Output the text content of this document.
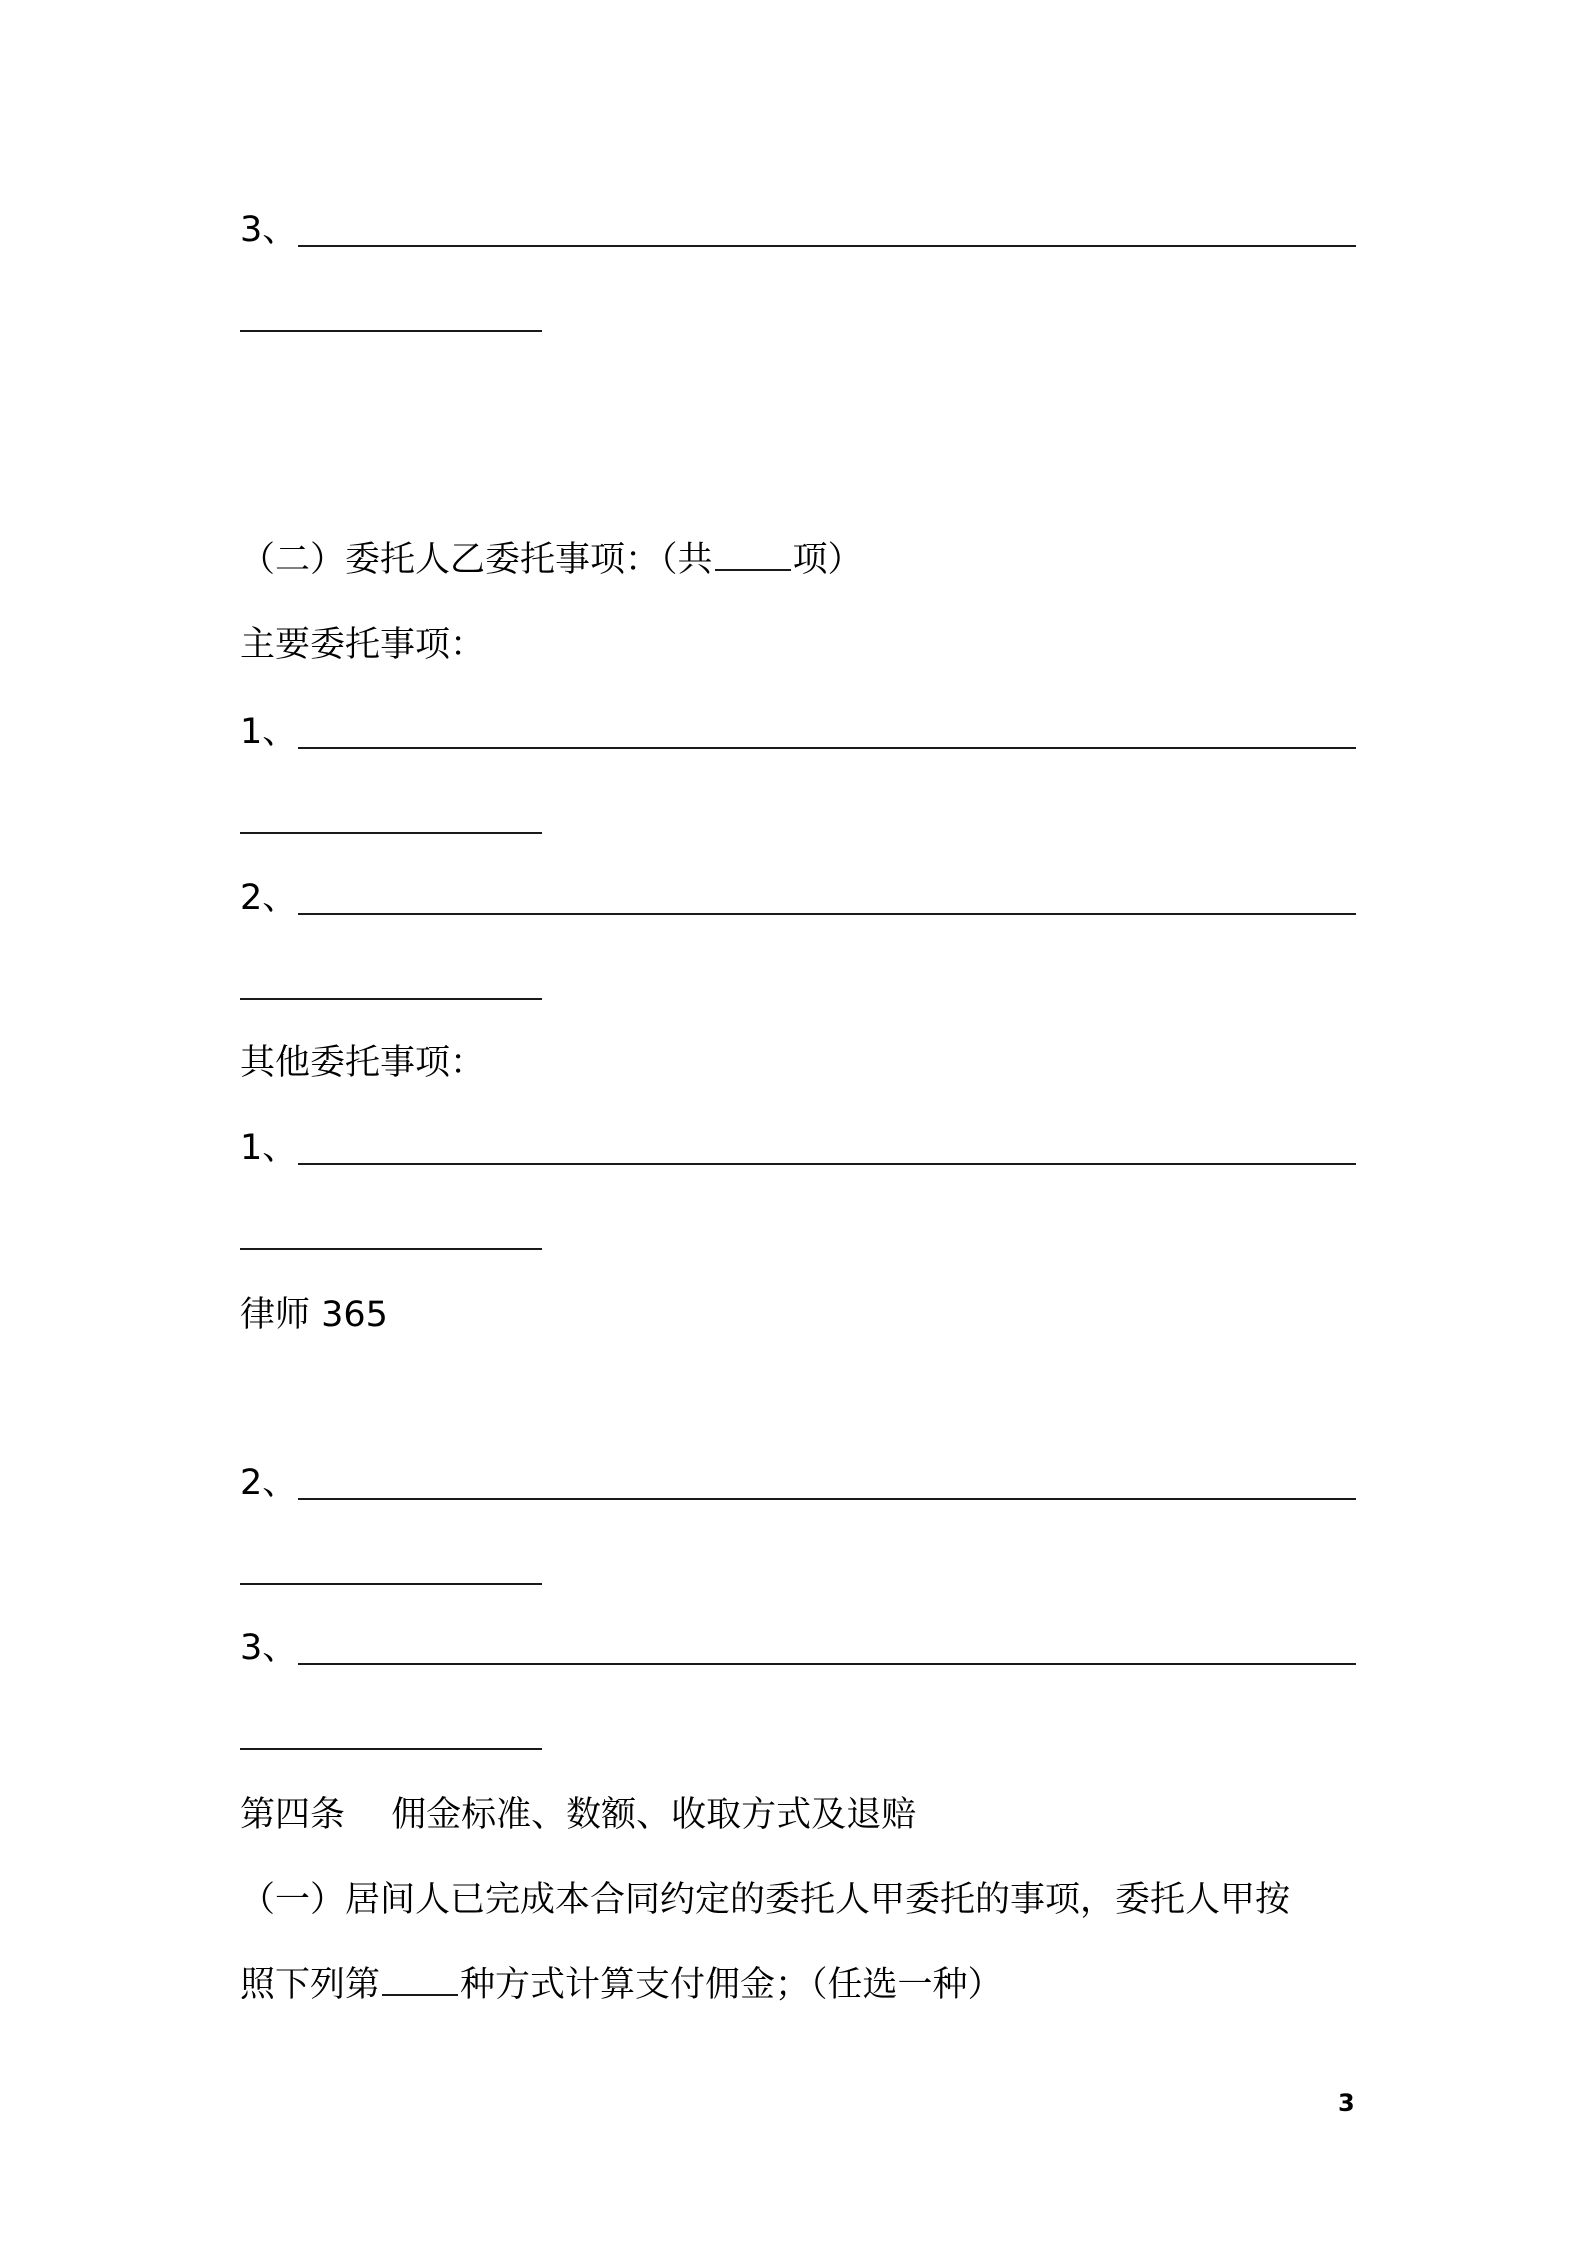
3、
（二）委托人乙委托事项：（共 项）
主要委托事项：
1、
2、
其他委托事项：
1、
律师 365
2、
3、
第四条　 佣金标准、数额、收取方式及退赔
（一）居间人已完成本合同约定的委托人甲委托的事项，委托人甲按
照下列第 种方式计算支付佣金；（任选一种）
3
